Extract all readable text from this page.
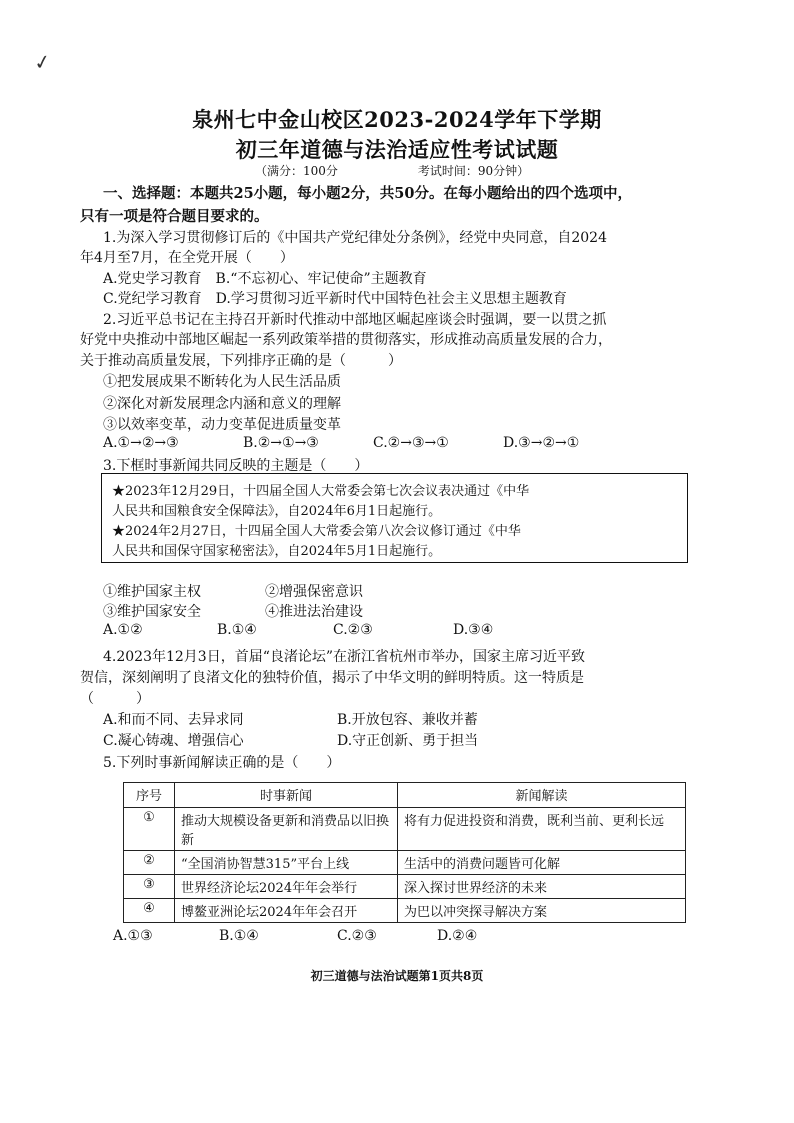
✓
泉州七中金山校区2023-2024学年下学期
初三年道德与法治适应性考试试题
（满分：100分	考试时间：90分钟）
一、选择题：本题共25小题，每小题2分，共50分。在每小题给出的四个选项中，
只有一项是符合题目要求的。
1.为深入学习贯彻修订后的《中国共产党纪律处分条例》，经党中央同意，自2024
年4月至7月，在全党开展（　　）
A.党史学习教育　B.“不忘初心、牢记使命”主题教育
C.党纪学习教育　D.学习贯彻习近平新时代中国特色社会主义思想主题教育
2.习近平总书记在主持召开新时代推动中部地区崛起座谈会时强调，要一以贯之抓
好党中央推动中部地区崛起一系列政策举措的贯彻落实，形成推动高质量发展的合力，
关于推动高质量发展，下列排序正确的是（　　　）
①把发展成果不断转化为人民生活品质
②深化对新发展理念内涵和意义的理解
③以效率变革，动力变革促进质量变革
A.①→②→③	B.②→①→③	C.②→③→①	D.③→②→①
3.下框时事新闻共同反映的主题是（　　）
★2023年12月29日，十四届全国人大常委会第七次会议表决通过《中华
人民共和国粮食安全保障法》，自2024年6月1日起施行。
★2024年2月27日，十四届全国人大常委会第八次会议修订通过《中华
人民共和国保守国家秘密法》，自2024年5月1日起施行。
①维护国家主权	②增强保密意识
③维护国家安全	④推进法治建设
A.①②	B.①④	C.②③	D.③④
4.2023年12月3日，首届“良渚论坛”在浙江省杭州市举办，国家主席习近平致
贺信，深刻阐明了良渚文化的独特价值，揭示了中华文明的鲜明特质。这一特质是
（　　　）
A.和而不同、去异求同	B.开放包容、兼收并蓄
C.凝心铸魂、增强信心	D.守正创新、勇于担当
5.下列时事新闻解读正确的是（　　）
序号	时事新闻	新闻解读
①	推动大规模设备更新和消费品以旧换新	将有力促进投资和消费，既利当前、更利长远
②	“全国消协智慧315”平台上线	生活中的消费问题皆可化解
③	世界经济论坛2024年年会举行	深入探讨世界经济的未来
④	博鳌亚洲论坛2024年年会召开	为巴以冲突探寻解决方案
A.①③	B.①④	C.②③	D.②④
初三道德与法治试题第1页共8页
